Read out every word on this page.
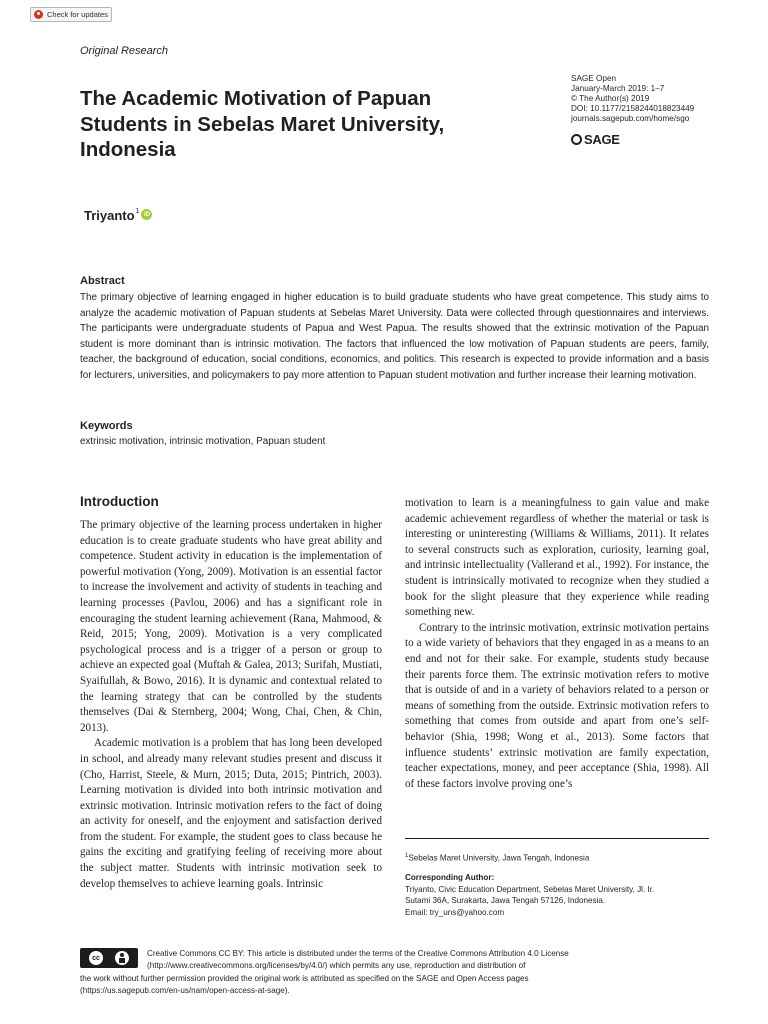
Check for updates
Original Research
The Academic Motivation of Papuan Students in Sebelas Maret University, Indonesia
SAGE Open
January-March 2019: 1–7
© The Author(s) 2019
DOI: 10.1177/2158244018823449
journals.sagepub.com/home/sgo
SAGE
Triyanto$^1$ iD
Abstract
The primary objective of learning engaged in higher education is to build graduate students who have great competence. This study aims to analyze the academic motivation of Papuan students at Sebelas Maret University. Data were collected through questionnaires and interviews. The participants were undergraduate students of Papua and West Papua. The results showed that the extrinsic motivation of the Papuan student is more dominant than is intrinsic motivation. The factors that influenced the low motivation of Papuan students are peers, family, teacher, the background of education, social conditions, economics, and politics. This research is expected to provide information and a basis for lecturers, universities, and policymakers to pay more attention to Papuan student motivation and further increase their learning motivation.
Keywords
extrinsic motivation, intrinsic motivation, Papuan student
Introduction

The primary objective of the learning process undertaken in higher education is to create graduate students who have great ability and competence. Student activity in education is the implementation of powerful motivation (Yong, 2009). Motivation is an essential factor to increase the involvement and activity of students in teaching and learning processes (Pavlou, 2006) and has a significant role in encouraging the student learning achievement (Rana, Mahmood, & Reid, 2015; Yong, 2009). Motivation is a very complicated psychological process and is a trigger of a person or group to achieve an expected goal (Muftah & Galea, 2013; Surifah, Mustiati, Syaifullah, & Bowo, 2016). It is dynamic and contextual related to the learning strategy that can be controlled by the students themselves (Dai & Sternberg, 2004; Wong, Chai, Chen, & Chin, 2013).

Academic motivation is a problem that has long been developed in school, and already many relevant studies present and discuss it (Cho, Harrist, Steele, & Murn, 2015; Duta, 2015; Pintrich, 2003). Learning motivation is divided into both intrinsic motivation and extrinsic motivation. Intrinsic motivation refers to the fact of doing an activity for oneself, and the enjoyment and satisfaction derived from the student. For example, the student goes to class because he gains the exciting and gratifying feeling of receiving more about the subject matter. Students with intrinsic motivation seek to develop themselves to achieve learning goals. Intrinsic

motivation to learn is a meaningfulness to gain value and make academic achievement regardless of whether the material or task is interesting or uninteresting (Williams & Williams, 2011). It relates to several constructs such as exploration, curiosity, learning goal, and intrinsic intellectuality (Vallerand et al., 1992). For instance, the student is intrinsically motivated to recognize when they studied a book for the slight pleasure that they experience while reading something new.

Contrary to the intrinsic motivation, extrinsic motivation pertains to a wide variety of behaviors that they engaged in as a means to an end and not for their sake. For example, students study because their parents force them. The extrinsic motivation refers to motive that is outside of and in a variety of behaviors related to a person or means of something from the outside. Extrinsic motivation refers to something that comes from outside and apart from one’s self-behavior (Shia, 1998; Wong et al., 2013). Some factors that influence students’ extrinsic motivation are family expectation, teacher expectations, money, and peer acceptance (Shia, 1998). All of these factors involve proving one’s

$^1$Sebelas Maret University, Jawa Tengah, Indonesia
Corresponding Author:
Triyanto, Civic Education Department, Sebelas Maret University, Jl. Ir.
Sutami 36A, Surakarta, Jawa Tengah 57126, Indonesia.
Email: try_uns@yahoo.com
Creative Commons CC BY: This article is distributed under the terms of the Creative Commons Attribution 4.0 License
(http://www.creativecommons.org/licenses/by/4.0/) which permits any use, reproduction and distribution of
the work without further permission provided the original work is attributed as specified on the SAGE and Open Access pages
(https://us.sagepub.com/en-us/nam/open-access-at-sage).
cc
